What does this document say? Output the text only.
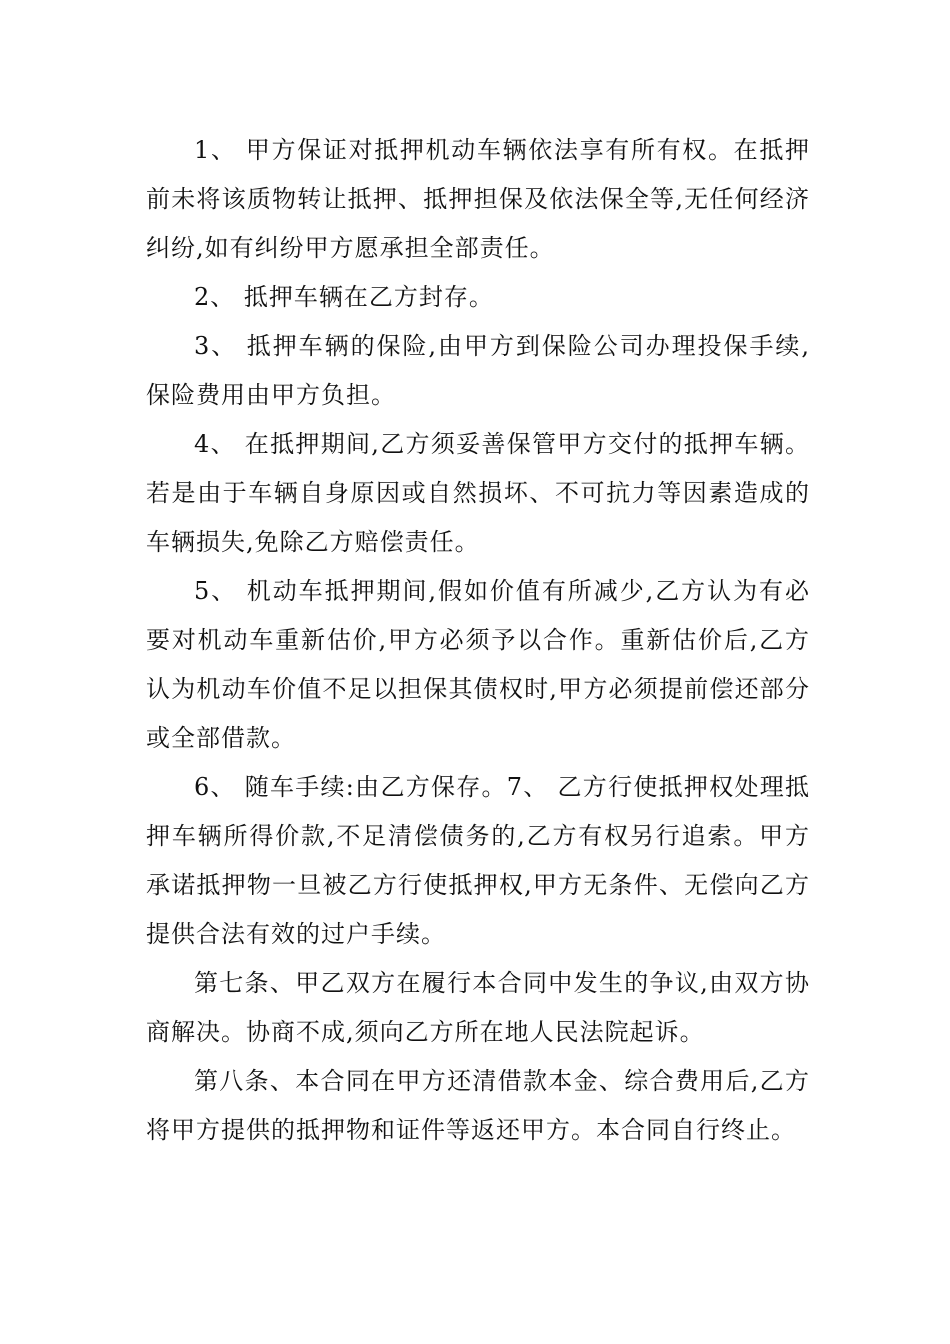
1、 甲方保证对抵押机动车辆依法享有所有权。在抵押前未将该质物转让抵押、抵押担保及依法保全等,无任何经济纠纷,如有纠纷甲方愿承担全部责任。

2、 抵押车辆在乙方封存。

3、 抵押车辆的保险,由甲方到保险公司办理投保手续,保险费用由甲方负担。

4、 在抵押期间,乙方须妥善保管甲方交付的抵押车辆。若是由于车辆自身原因或自然损坏、不可抗力等因素造成的车辆损失,免除乙方赔偿责任。

5、 机动车抵押期间,假如价值有所减少,乙方认为有必要对机动车重新估价,甲方必须予以合作。重新估价后,乙方认为机动车价值不足以担保其债权时,甲方必须提前偿还部分或全部借款。

6、 随车手续:由乙方保存。7、 乙方行使抵押权处理抵押车辆所得价款,不足清偿债务的,乙方有权另行追索。甲方承诺抵押物一旦被乙方行使抵押权,甲方无条件、无偿向乙方提供合法有效的过户手续。

第七条、甲乙双方在履行本合同中发生的争议,由双方协商解决。协商不成,须向乙方所在地人民法院起诉。

第八条、本合同在甲方还清借款本金、综合费用后,乙方将甲方提供的抵押物和证件等返还甲方。本合同自行终止。
